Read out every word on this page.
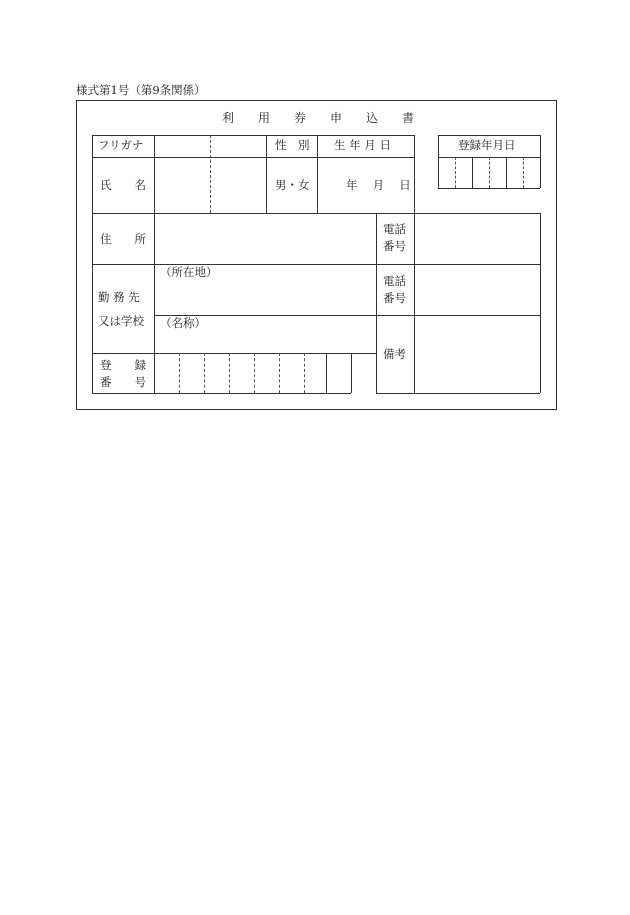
様式第1号（第9条関係）
利　　用　　券　　申　　込　　書
フリガナ
氏　　名
性　別
男・女
生 年 月 日
年　 月　 日
登録年月日
住　　所
電話
番号
勤 務 先
又は学校
（所在地）
電話
番号
（名称）
備考
登　　録
番　　号
